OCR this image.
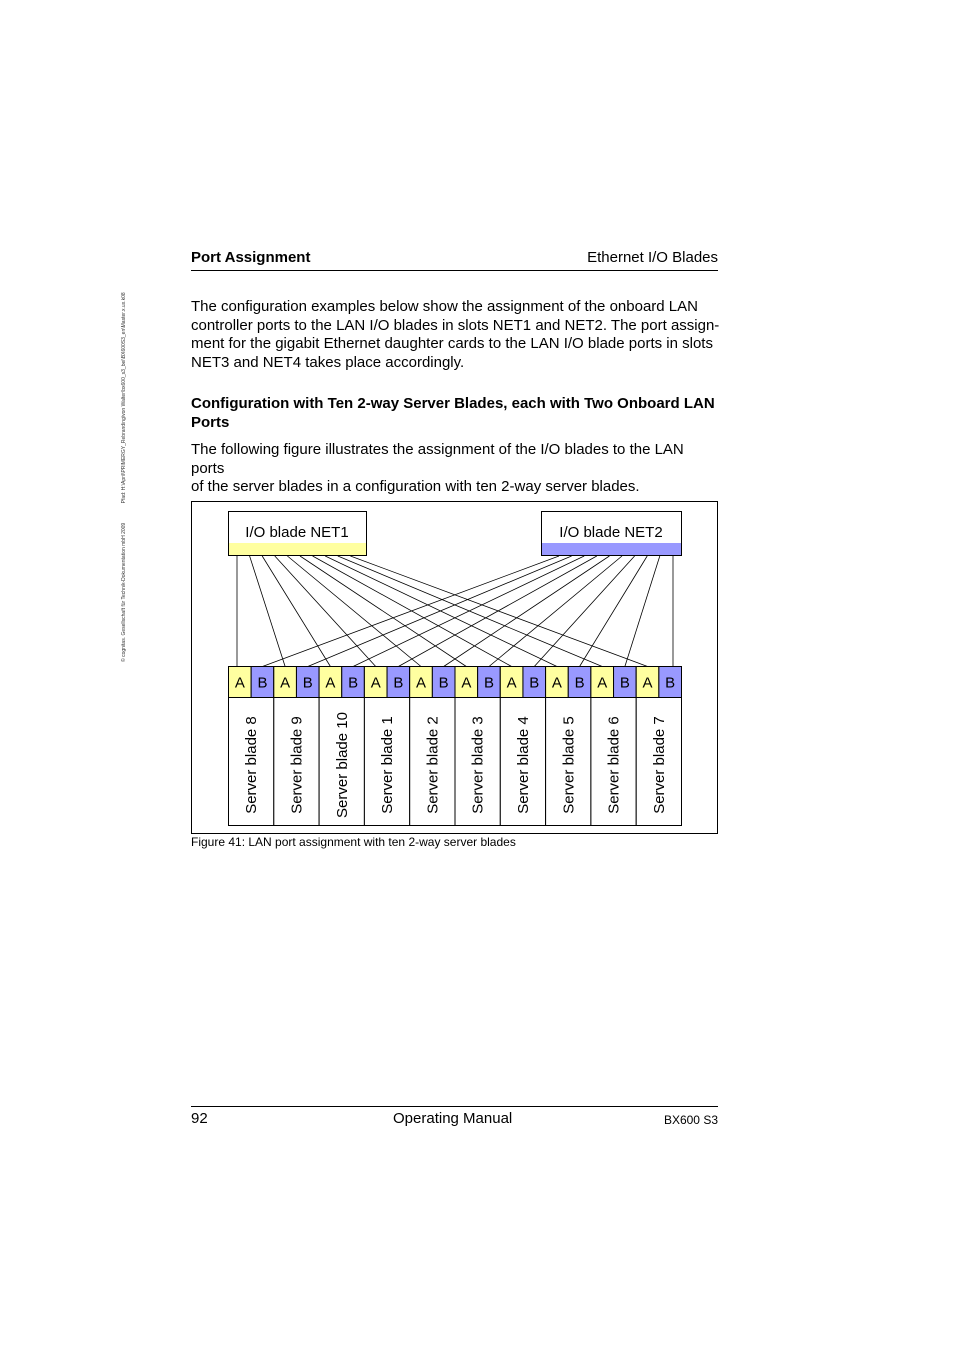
© cognitas. Gesellschaft für Technik-Dokumentation mbH 2009 Pfad: H:\April\PRIMERGY_Rebranding\von Walter\bx600_s3_bei\BX600S3_en\Master.x.ux.k08
Port Assignment	Ethernet I/O Blades
The configuration examples below show the assignment of the onboard LAN
controller ports to the LAN I/O blades in slots NET1 and NET2. The port assign-
ment for the gigabit Ethernet daughter cards to the LAN I/O blade ports in slots
NET3 and NET4 takes place accordingly.
Configuration with Ten 2-way Server Blades, each with Two Onboard LAN
Ports
The following figure illustrates the assignment of the I/O blades to the LAN ports
of the server blades in a configuration with ten 2-way server blades.
I/O blade NET1	I/O blade NET2
A B
Server blade 8
A B
Server blade 9
A B
Server blade 10
A B
Server blade 1
A B
Server blade 2
A B
Server blade 3
A B
Server blade 4
A B
Server blade 5
A B
Server blade 6
A B
Server blade 7
Figure 41: LAN port assignment with ten 2-way server blades
92	Operating Manual	BX600 S3
